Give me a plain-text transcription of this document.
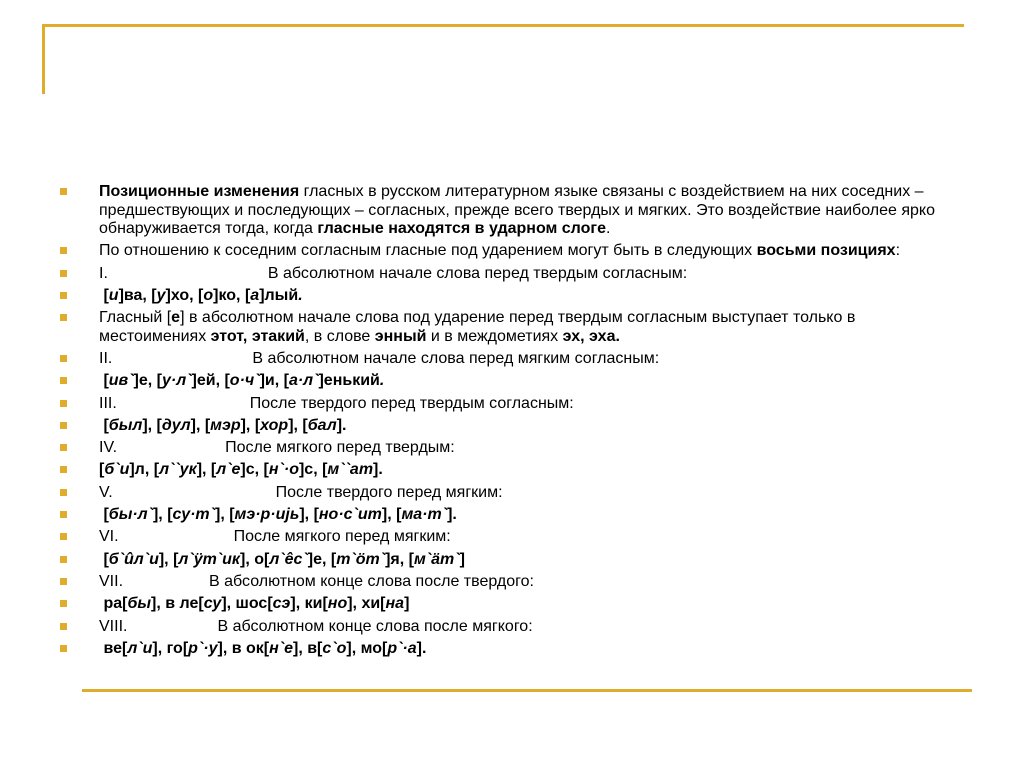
Позиционные изменения гласных в русском литературном языке связаны с воздействием на них соседних – предшествующих и последующих – согласных, прежде всего твердых и мягких. Это воздействие наиболее ярко обнаруживается тогда, когда гласные находятся в ударном слоге.
По отношению к соседним согласным гласные под ударением могут быть в следующих восьми позициях:
I.	В абсолютном начале слова перед твердым согласным:
[и]ва, [у]хо, [о]ко, [а]лый.
Гласный [е] в абсолютном начале слова под ударение перед твердым согласным выступает только в местоимениях этот, этакий, в слове энный и в междометиях эх, эха.
II.	В абсолютном начале слова перед мягким согласным:
[ив`]е, [у·л`]ей, [о·ч`]и, [а·л`]енький.
III.	После твердого перед твердым согласным:
[был], [дул], [мэр], [хор], [бал].
IV.	После мягкого перед твердым:
[б`и]л, [л``ук], [л`е]с, [н`·о]с, [м``ат].
V.	После твердого перед мягким:
[бы·л`], [су·т`], [мэ·р·иjь], [но·с`ит], [ма·т`].
VI.	После мягкого перед мягким:
[б`ûл`и], [л`ÿт`ик], о[л`êс`]е, [т`öт`]я, [м`äт`]
VII.	В абсолютном конце слова после твердого:
ра[бы], в ле[су], шос[сэ], ки[но], хи[на]
VIII.	В абсолютном конце слова после мягкого:
ве[л`и], го[р`·у], в ок[н`е], в[с`о], мо[р`·а].
